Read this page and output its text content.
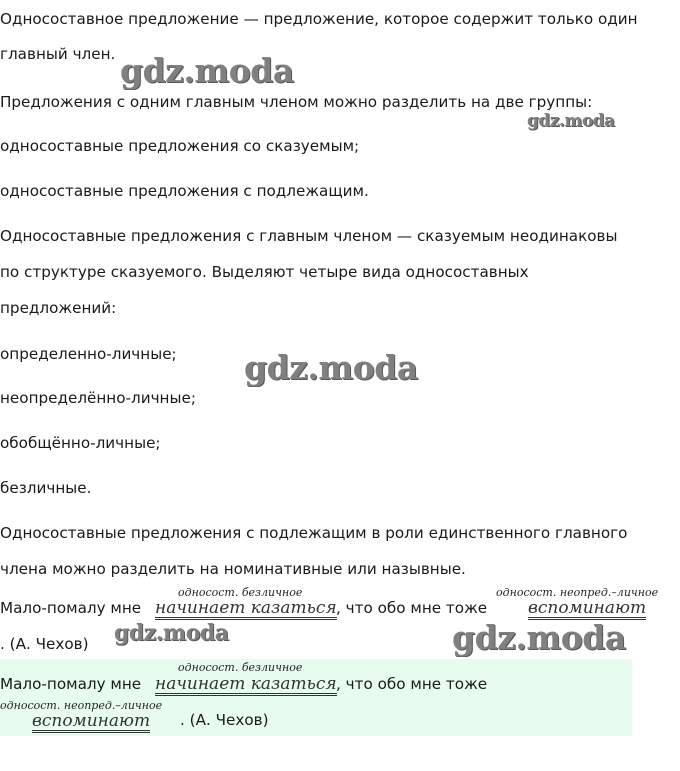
Односоставное предложение — предложение, которое содержит только один
главный член.
Предложения с одним главным членом можно разделить на две группы:
односоставные предложения со сказуемым;
односоставные предложения с подлежащим.
Односоставные предложения с главным членом — сказуемым неодинаковы
по структуре сказуемого. Выделяют четыре вида односоставных
предложений:
определенно-личные;
неопределённо-личные;
обобщённо-личные;
безличные.
Односоставные предложения с подлежащим в роли единственного главного
члена можно разделить на номинативные или назывные.
односост. безличное	односост. неопред.–личное
Мало-помалу мне начинает казаться , что обо мне тоже вспоминают
. (А. Чехов)
односост. безличное
Мало-помалу мне начинает казаться , что обо мне тоже
односост. неопред.–личное
вспоминают . (А. Чехов)
gdz.moda
gdz.moda
gdz.moda
gdz.moda	gdz.moda
